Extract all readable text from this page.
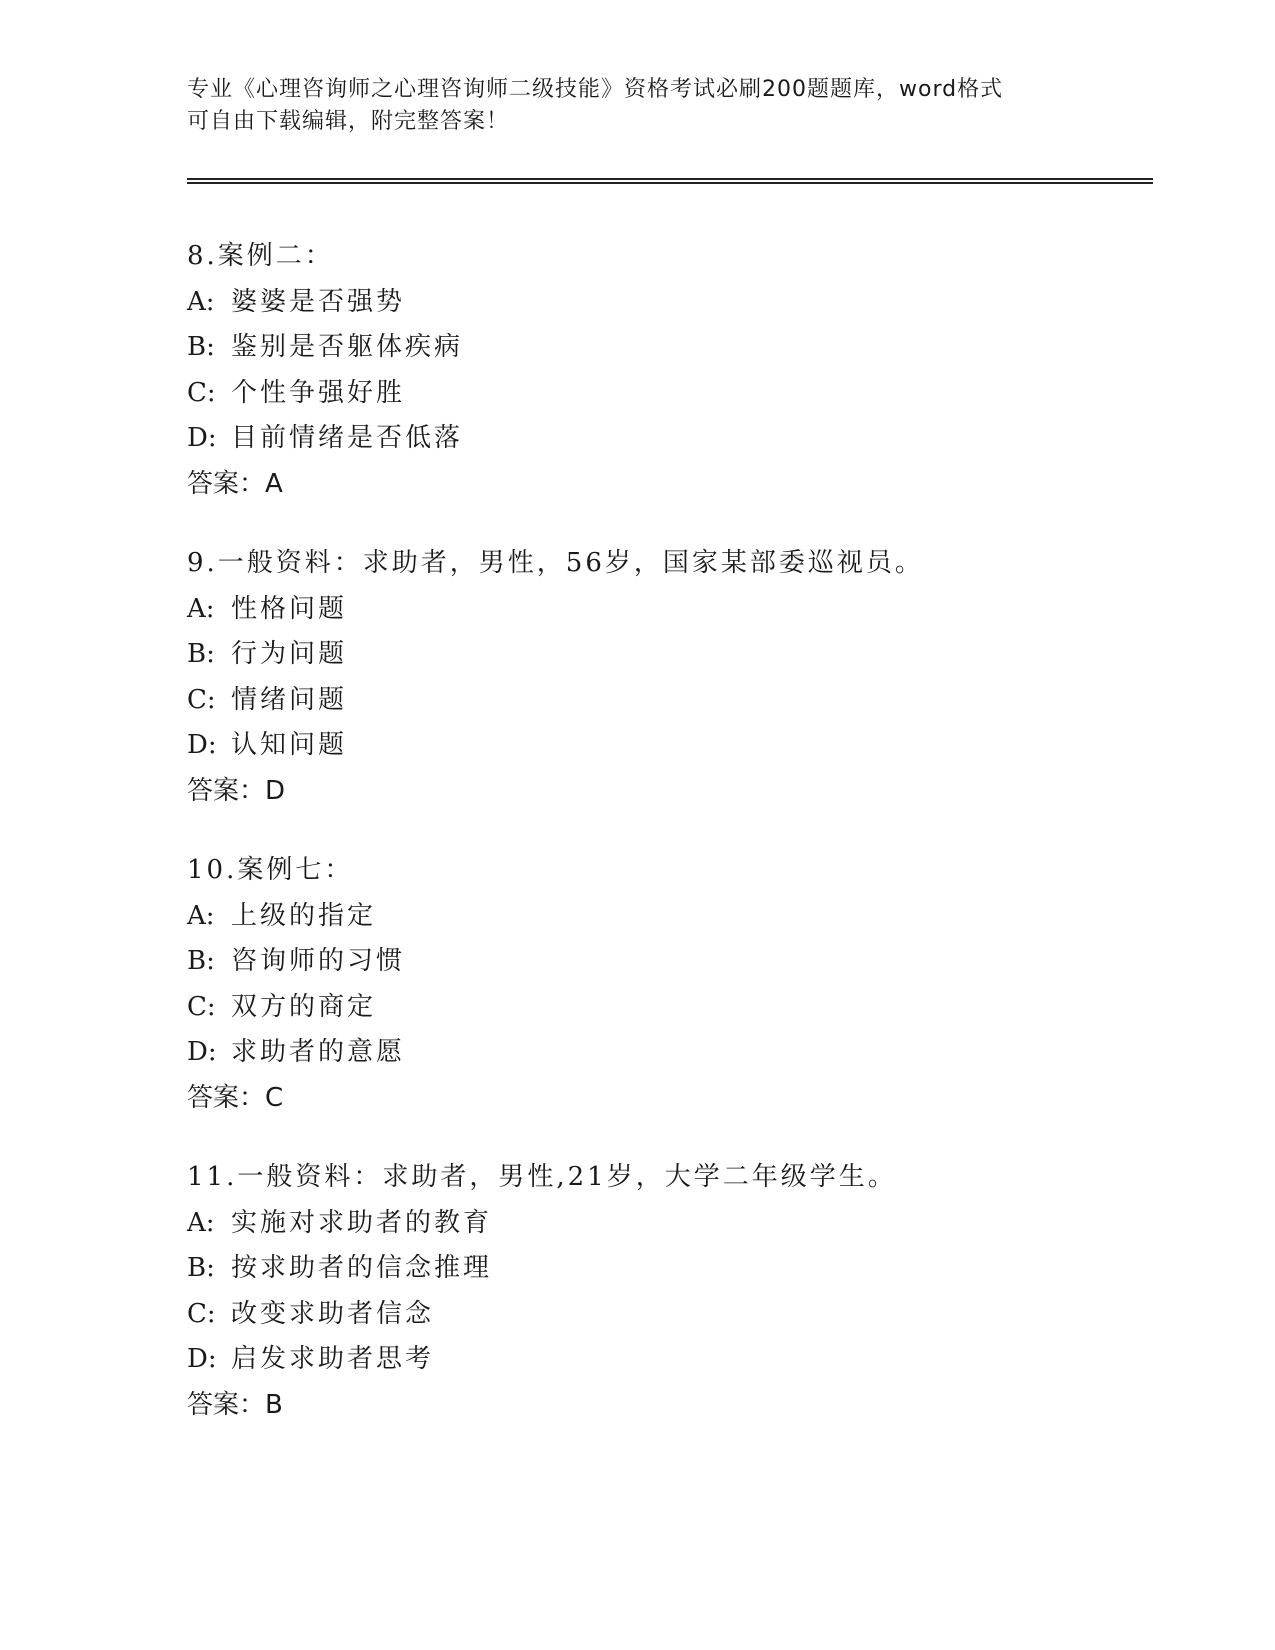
专业《心理咨询师之心理咨询师二级技能》资格考试必刷200题题库，word格式
可自由下载编辑，附完整答案！
8.案例二：
A: 婆婆是否强势
B: 鉴别是否躯体疾病
C: 个性争强好胜
D: 目前情绪是否低落
答案：A
9.一般资料：求助者，男性，56岁，国家某部委巡视员。
A: 性格问题
B: 行为问题
C: 情绪问题
D: 认知问题
答案：D
10.案例七：
A: 上级的指定
B: 咨询师的习惯
C: 双方的商定
D: 求助者的意愿
答案：C
11.一般资料：求助者，男性,21岁，大学二年级学生。
A: 实施对求助者的教育
B: 按求助者的信念推理
C: 改变求助者信念
D: 启发求助者思考
答案：B
